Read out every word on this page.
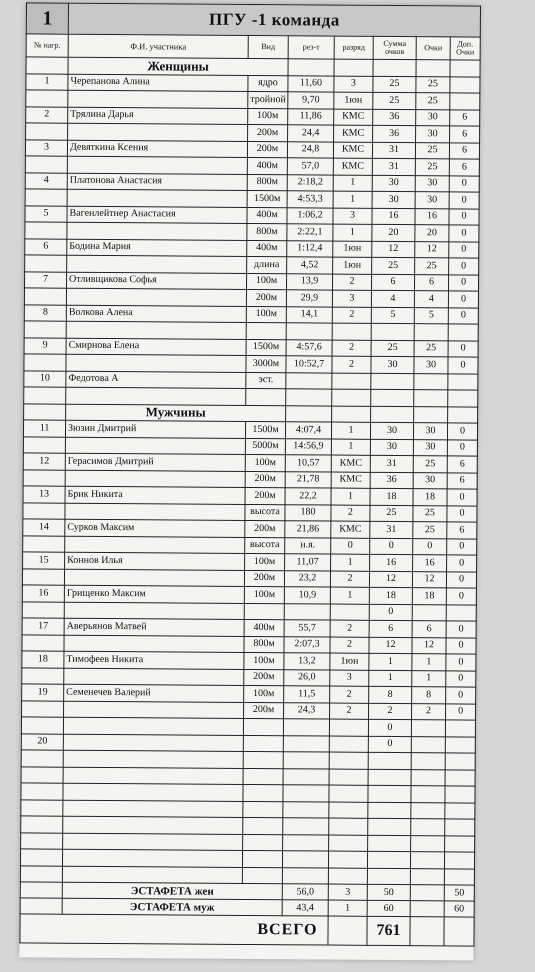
1	ПГУ -1 команда						
№ нагр.	Ф.И. участника	Вид	рез-т	разряд	Сумма очков	Очки	Доп. Очки
	Женщины						
1	Черепанова Алина	ядро	11,60	3	25	25	
		тройной	9,70	1юн	25	25	
2	Трялина Дарья	100м	11,86	КМС	36	30	6
		200м	24,4	КМС	36	30	6
3	Девяткина Ксения	200м	24,8	КМС	31	25	6
		400м	57,0	КМС	31	25	6
4	Платонова Анастасия	800м	2:18,2	1	30	30	0
		1500м	4:53,3	1	30	30	0
5	Вагенлейтнер Анастасия	400м	1:06,2	3	16	16	0
		800м	2:22,1	1	20	20	0
6	Бодина Мария	400м	1:12,4	1юн	12	12	0
		длина	4,52	1юн	25	25	0
7	Отливщикова Софья	100м	13,9	2	6	6	0
		200м	29,9	3	4	4	0
8	Волкова Алена	100м	14,1	2	5	5	0

9	Смирнова Елена	1500м	4:57,6	2	25	25	0
		3000м	10:52,7	2	30	30	0
10	Федотова А	эст.					

	Мужчины						
11	Зюзин Дмитрий	1500м	4:07,4	1	30	30	0
		5000м	14:56,9	1	30	30	0
12	Герасимов Дмитрий	100м	10,57	КМС	31	25	6
		200м	21,78	КМС	36	30	6
13	Брик Никита	200м	22,2	1	18	18	0
		высота	180	2	25	25	0
14	Сурков Максим	200м	21,86	КМС	31	25	6
		высота	н.я.	0	0	0	0
15	Коннов Илья	100м	11,07	1	16	16	0
		200м	23,2	2	12	12	0
16	Грищенко Максим	100м	10,9	1	18	18	0
					0		
17	Аверьянов Матвей	400м	55,7	2	6	6	0
		800м	2:07,3	2	12	12	0
18	Тимофеев Никита	100м	13,2	1юн	1	1	0
		200м	26,0	3	1	1	0
19	Семенечев Валерий	100м	11,5	2	8	8	0
		200м	24,3	2	2	2	0
					0		
20					0		

	ЭСТАФЕТА жен		56,0	3	50		50
	ЭСТАФЕТА муж		43,4	1	60		60
ВСЕГО					761		
